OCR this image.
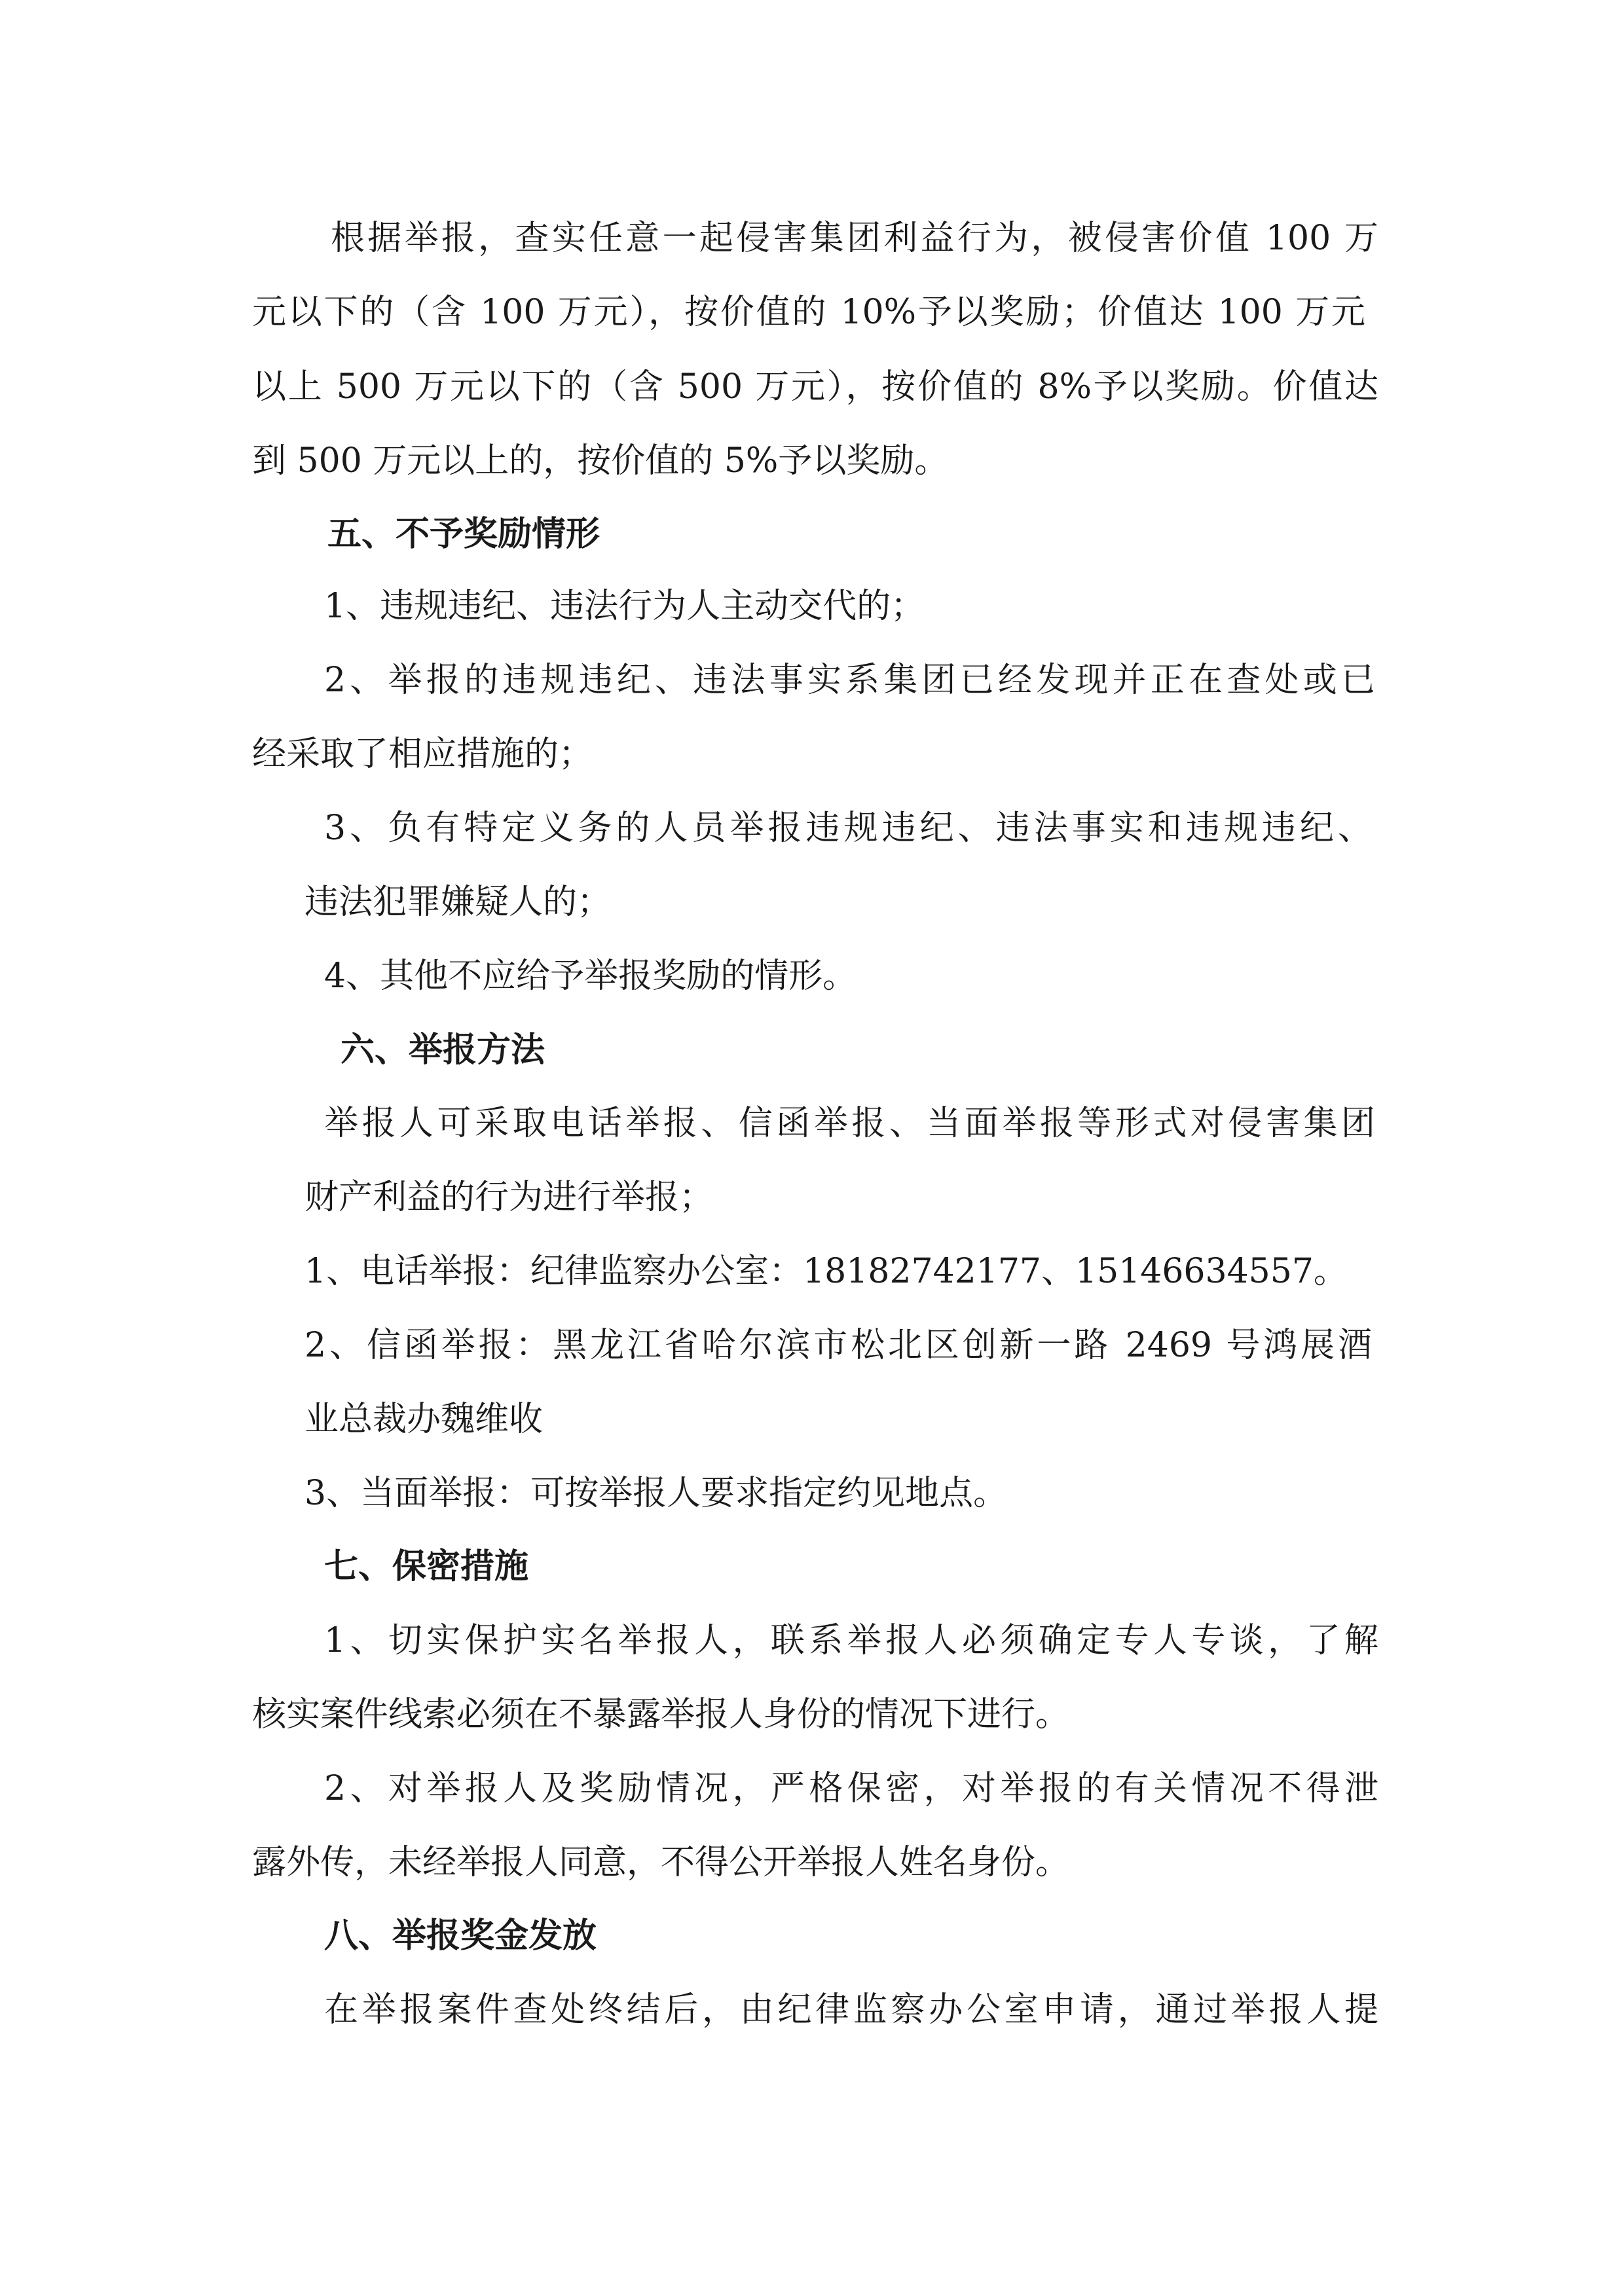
根据举报，查实任意一起侵害集团利益行为，被侵害价值 100 万
元以下的（含 100 万元），按价值的 10%予以奖励；价值达 100 万元
以上 500 万元以下的（含 500 万元），按价值的 8%予以奖励。价值达
到 500 万元以上的，按价值的 5%予以奖励。
五、不予奖励情形
1、违规违纪、违法行为人主动交代的；
2、举报的违规违纪、违法事实系集团已经发现并正在查处或已
经采取了相应措施的；
3、负有特定义务的人员举报违规违纪、违法事实和违规违纪、
违法犯罪嫌疑人的；
4、其他不应给予举报奖励的情形。
六、举报方法
举报人可采取电话举报、信函举报、当面举报等形式对侵害集团
财产利益的行为进行举报；
1、电话举报：纪律监察办公室：18182742177、15146634557。
2、信函举报：黑龙江省哈尔滨市松北区创新一路 2469 号鸿展酒
业总裁办魏维收
3、当面举报：可按举报人要求指定约见地点。
七、保密措施
1、切实保护实名举报人，联系举报人必须确定专人专谈，了解
核实案件线索必须在不暴露举报人身份的情况下进行。
2、对举报人及奖励情况，严格保密，对举报的有关情况不得泄
露外传，未经举报人同意，不得公开举报人姓名身份。
八、举报奖金发放
在举报案件查处终结后，由纪律监察办公室申请，通过举报人提
